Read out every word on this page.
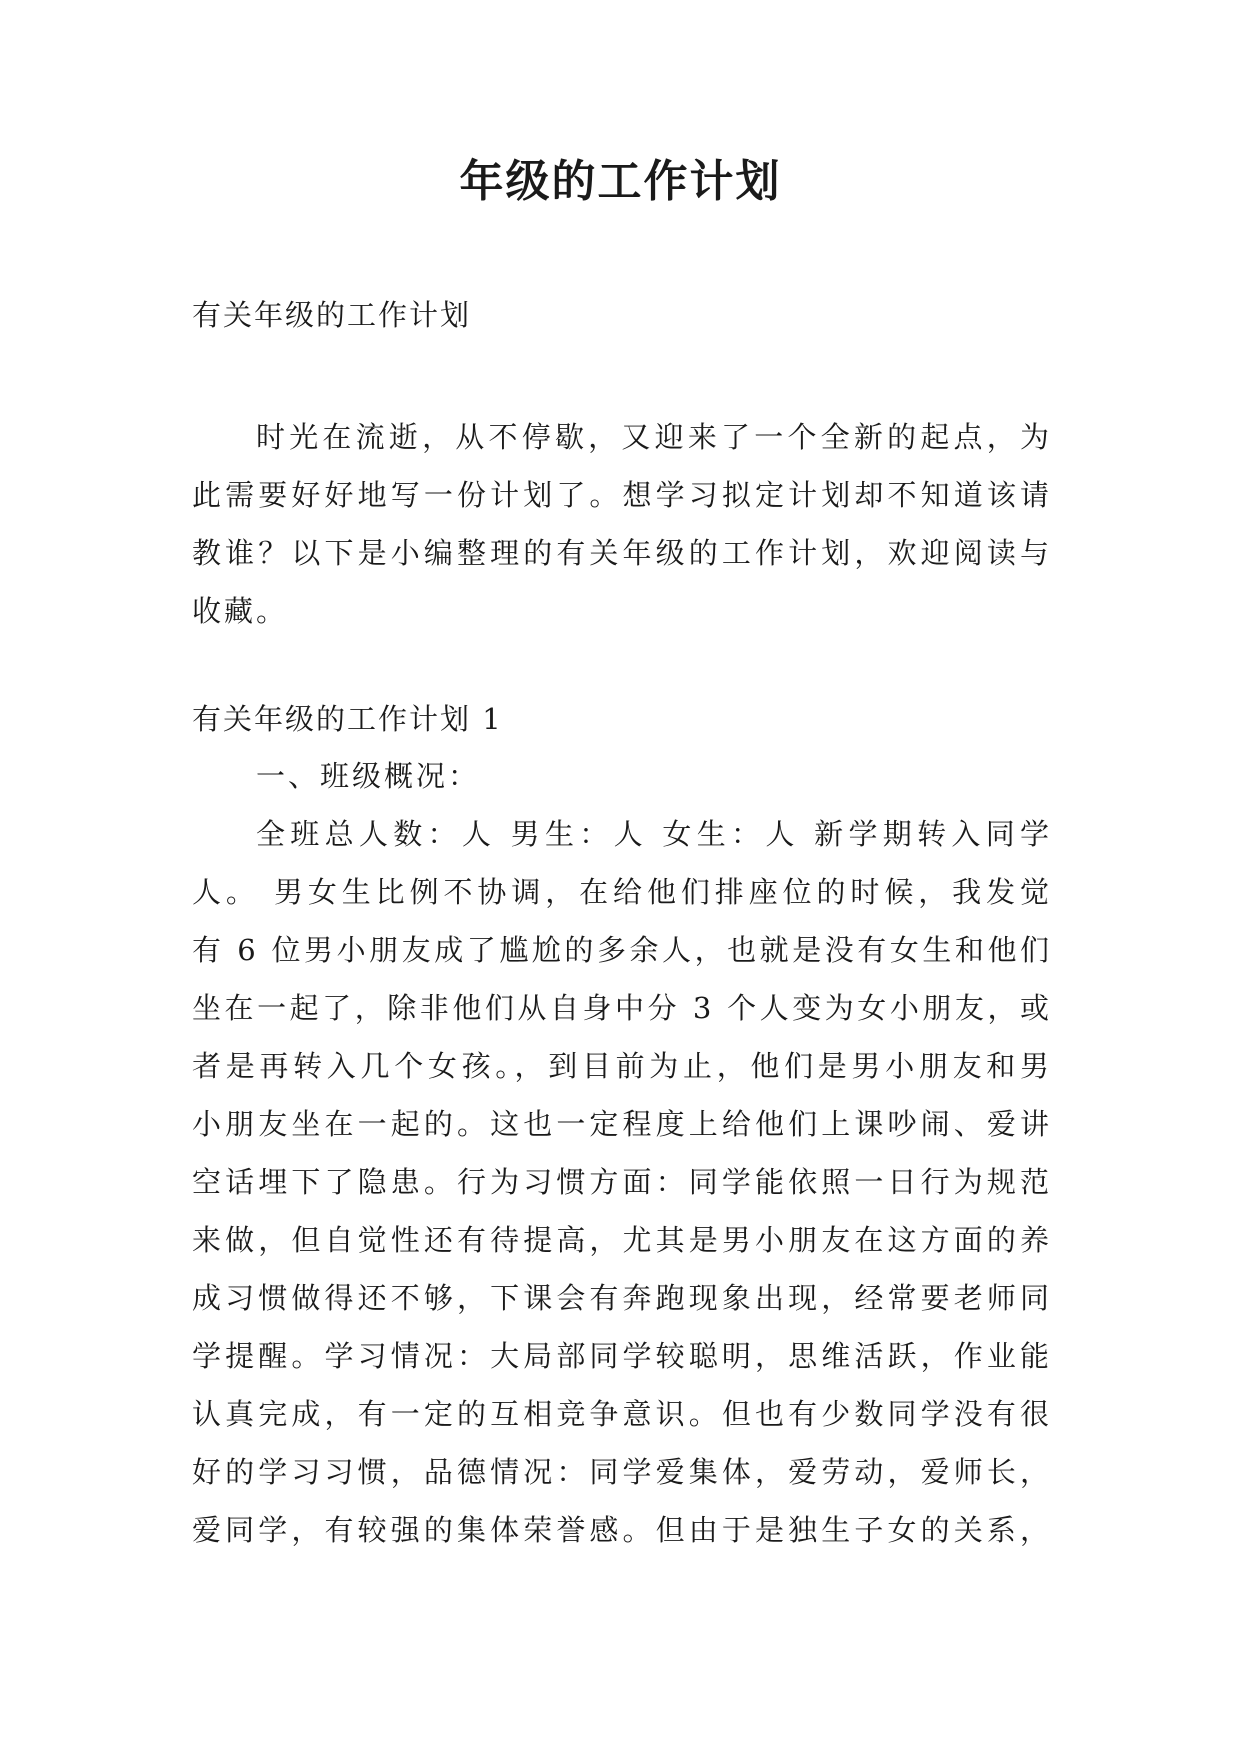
年级的工作计划

有关年级的工作计划

时光在流逝，从不停歇，又迎来了一个全新的起点，为
此需要好好地写一份计划了。想学习拟定计划却不知道该请
教谁？以下是小编整理的有关年级的工作计划，欢迎阅读与
收藏。

有关年级的工作计划 1

一、班级概况：

全班总人数：人 男生：人 女生：人 新学期转入同学
人。 男女生比例不协调，在给他们排座位的时候，我发觉
有 6 位男小朋友成了尴尬的多余人，也就是没有女生和他们
坐在一起了，除非他们从自身中分 3 个人变为女小朋友，或
者是再转入几个女孩。，到目前为止，他们是男小朋友和男
小朋友坐在一起的。这也一定程度上给他们上课吵闹、爱讲
空话埋下了隐患。行为习惯方面：同学能依照一日行为规范
来做，但自觉性还有待提高，尤其是男小朋友在这方面的养
成习惯做得还不够，下课会有奔跑现象出现，经常要老师同
学提醒。学习情况：大局部同学较聪明，思维活跃，作业能
认真完成，有一定的互相竞争意识。但也有少数同学没有很
好的学习习惯，品德情况：同学爱集体，爱劳动，爱师长，
爱同学，有较强的集体荣誉感。但由于是独生子女的关系，
